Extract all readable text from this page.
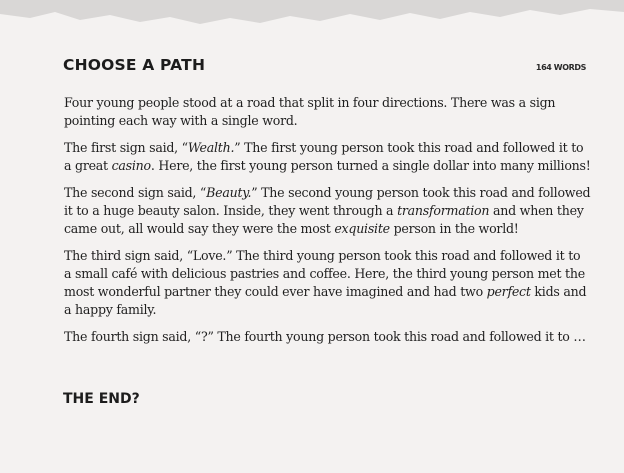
CHOOSE A PATH	164 WORDS

Four young people stood at a road that split in four directions. There was a sign pointing each way with a single word.

The first sign said, “Wealth.” The first young person took this road and followed it to a great casino. Here, the first young person turned a single dollar into many millions!

The second sign said, “Beauty.” The second young person took this road and followed it to a huge beauty salon. Inside, they went through a transformation and when they came out, all would say they were the most exquisite person in the world!

The third sign said, “Love.” The third young person took this road and followed it to a small café with delicious pastries and coffee. Here, the third young person met the most wonderful partner they could ever have imagined and had two perfect kids and a happy family.

The fourth sign said, “?” The fourth young person took this road and followed it to …

THE END?
